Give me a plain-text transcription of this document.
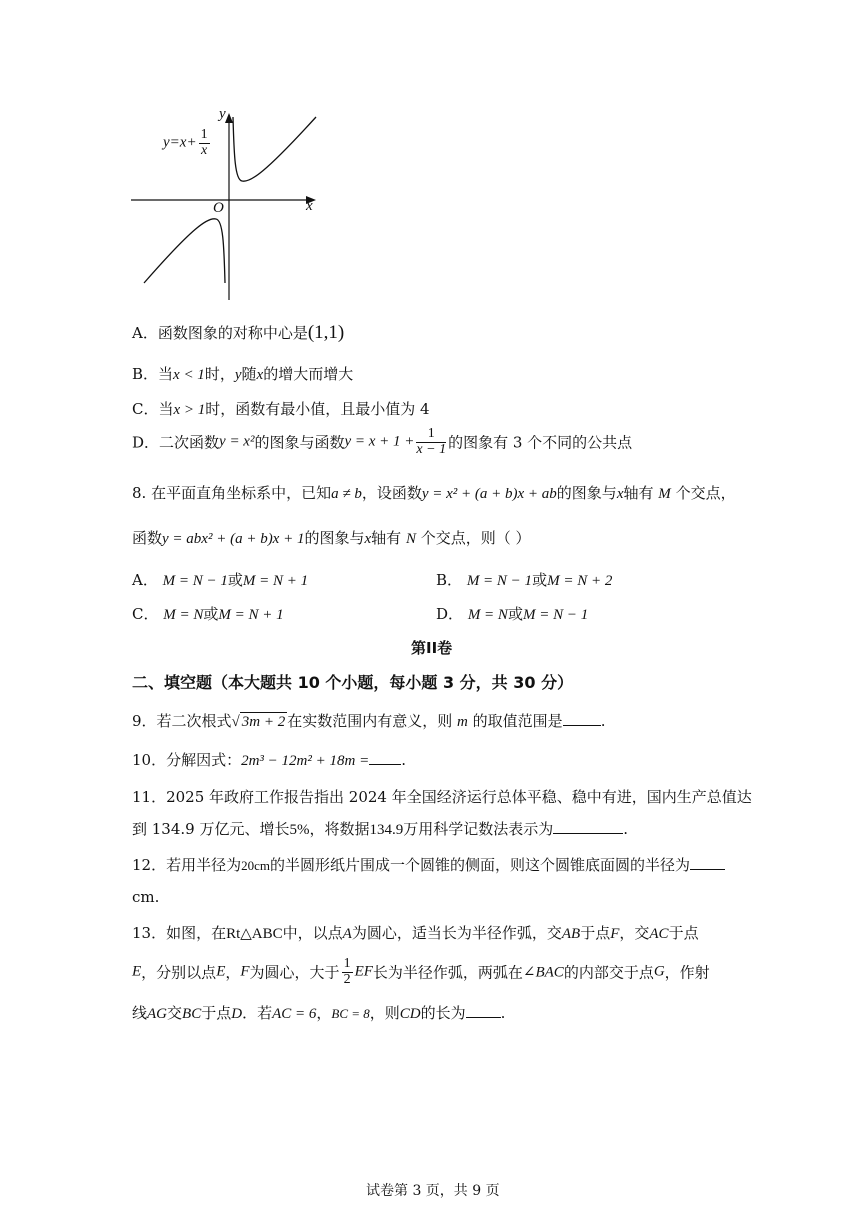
$y=x+ \frac{1}{x}$
y
x
O
A．函数图象的对称中心是(1,1)
B．当x < 1时，y随x的增大而增大
C．当x > 1时，函数有最小值，且最小值为 4
D．二次函数y = x²的图象与函数$y = x + 1 + \frac{1}{x - 1}$ 的图象有 3 个不同的公共点
8. 在平面直角坐标系中，已知a ≠ b，设函数y = x² + (a + b)x + ab的图象与x轴有 M 个交点，
函数y = abx² + (a + b)x + 1的图象与x轴有 N 个交点，则（ ）
A． M = N − 1或M = N + 1	B． M = N − 1或M = N + 2
C． M = N或M = N + 1	D． M = N或M = N − 1
第II卷
二、填空题（本大题共 10 个小题，每小题 3 分，共 30 分）
9．若二次根式√ 3m + 2 在实数范围内有意义，则 m 的取值范围是	.
10．分解因式：2m³ − 12m² + 18m = .
11．2025 年政府工作报告指出 2024 年全国经济运行总体平稳、稳中有进，国内生产总值达
到 134.9 万亿元、增长5%，将数据134.9万用科学记数法表示为	.
12．若用半径为20cm的半圆形纸片围成一个圆锥的侧面，则这个圆锥底面圆的半径为
cm.
13．如图，在Rt△ABC中，以点A为圆心，适当长为半径作弧，交AB于点F，交AC于点
E，分别以点E，F为圆心，大于 $\frac{1}{2}$ EF长为半径作弧，两弧在∠BAC的内部交于点G，作射
线AG交BC于点D．若AC = 6，BC = 8，则CD的长为 .
试卷第 3 页，共 9 页
